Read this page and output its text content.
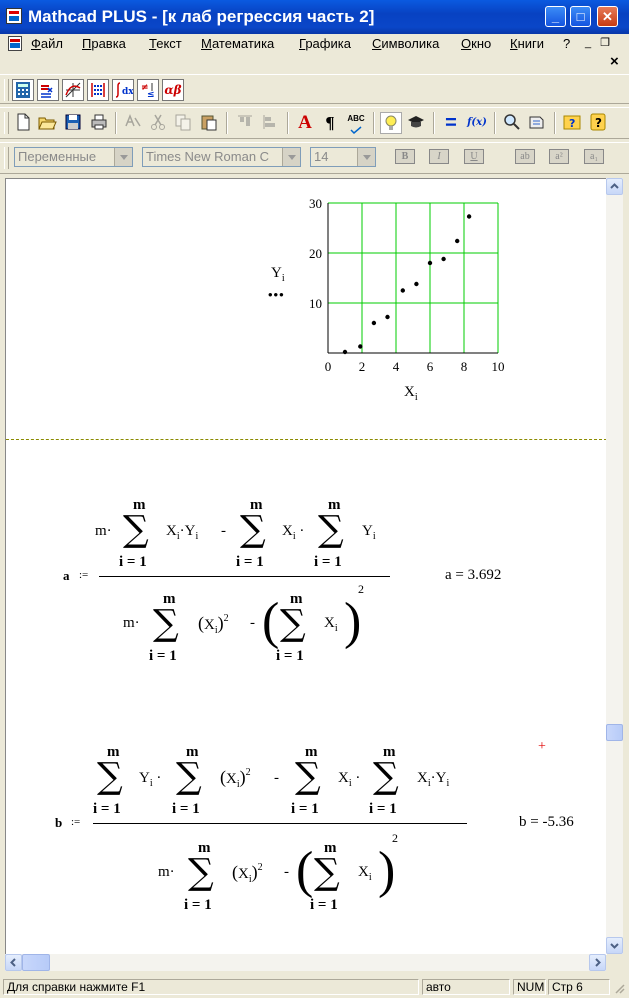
Mathcad PLUS - [к лаб регрессия часть 2]	_	□	✕
Файл Правка Текст Математика Графика Символика Окно Книги ?	_ ❐
×
dx ≠
≤ αβ
A ¶	ABC	=	f(x)	? ?
Переменные	Times New Roman C	14	B	I	U	ab	a²	a₁
0 2 4 6 8 10
10
20
30
$Y_i$
•••
$X_i$
a :=
m·
m
∑
i = 1
$X_i\cdot Y_i$ -
m
∑
i = 1
$X_i$ ·
m
∑
i = 1
$Y_i$
m·
m
∑
i = 1
$(X_i)^2$ - ( m
∑
i = 1
$X_i$ )
2
a = 3.692
b :=
m
∑
i = 1
$Y_i$ ·
m
∑
i = 1
$(X_i)^2$ -
m
∑
i = 1
$X_i$ ·
m
∑
i = 1
$X_i\cdot Y_i$
m·
m
∑
i = 1
$(X_i)^2$ - ( m
∑
i = 1
$X_i$ )
2
b = -5.36
+
Для справки нажмите F1	авто	NUM Стр 6
